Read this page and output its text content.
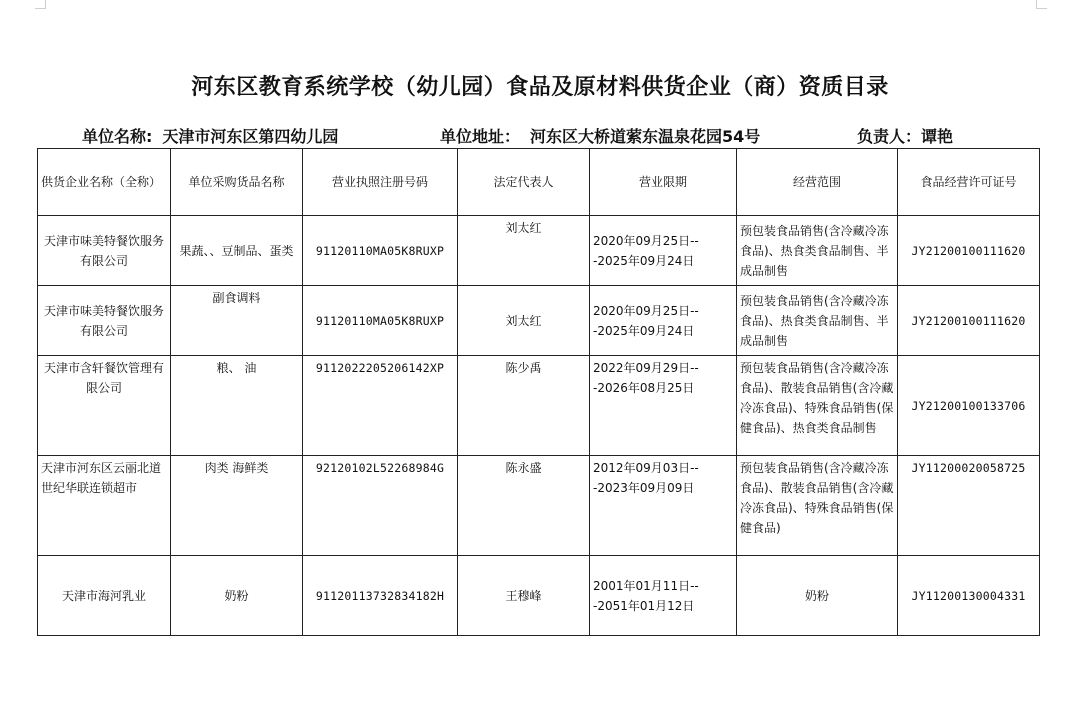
河东区教育系统学校（幼儿园）食品及原材料供货企业（商）资质目录
单位名称: 天津市河东区第四幼儿园	单位地址： 河东区大桥道萦东温泉花园54号	负责人：谭艳
供货企业名称（全称）	单位采购货品名称	营业执照注册号码	法定代表人	营业限期	经营范围	食品经营许可证号
天津市味美特餐饮服务有限公司	果蔬、、豆制品、蛋类	91120110MA05K8RUXP	刘太红	2020年09月25日---2025年09月24日	预包装食品销售(含冷藏冷冻食品)、热食类食品制售、半成品制售	JY21200100111620
天津市味美特餐饮服务有限公司	副食调料	91120110MA05K8RUXP	刘太红	2020年09月25日---2025年09月24日	预包装食品销售(含冷藏冷冻食品)、热食类食品制售、半成品制售	JY21200100111620
天津市含轩餐饮管理有限公司	粮、 油	9112022205206142XP	陈少禹	2022年09月29日---2026年08月25日	预包装食品销售(含冷藏冷冻食品)、散装食品销售(含冷藏冷冻食品)、特殊食品销售(保健食品)、热食类食品制售	JY21200100133706
天津市河东区云丽北道世纪华联连锁超市	肉类 海鲜类	92120102L52268984G	陈永盛	2012年09月03日---2023年09月09日	预包装食品销售(含冷藏冷冻食品)、散装食品销售(含冷藏冷冻食品)、特殊食品销售(保健食品)	JY11200020058725
天津市海河乳业	奶粉	91120113732834182H	王穆峰	2001年01月11日---2051年01月12日	奶粉	JY11200130004331
